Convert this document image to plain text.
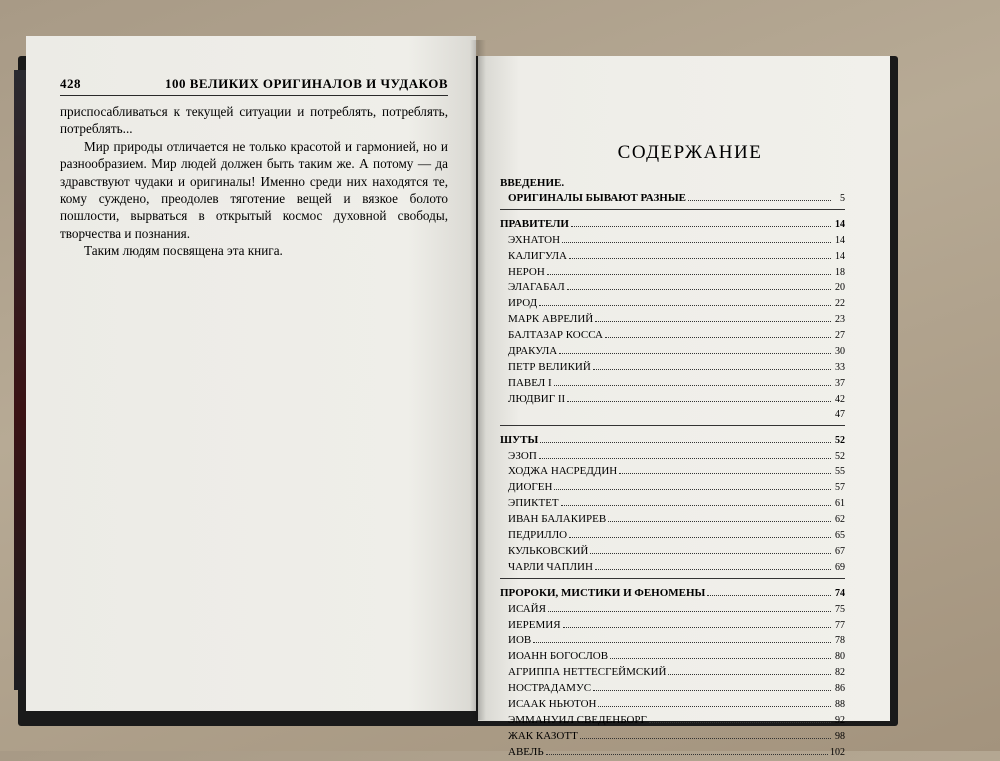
428	100 ВЕЛИКИХ ОРИГИНАЛОВ И ЧУДАКОВ

приспосабливаться к текущей ситуации и потреблять, потреблять, потреблять...

Мир природы отличается не только красотой и гармонией, но и разнообразием. Мир людей должен быть таким же. А потому — да здравствуют чудаки и оригиналы! Именно среди них находятся те, кому суждено, преодолев тяготение вещей и вязкое болото пошлости, вырваться в открытый космос духовной свободы, творчества и познания.

Таким людям посвящена эта книга.

СОДЕРЖАНИЕ
ВВЕДЕНИЕ.
ОРИГИНАЛЫ БЫВАЮТ РАЗНЫЕ	5
ПРАВИТЕЛИ	14
ЭХНАТОН	14
КАЛИГУЛА	14
НЕРОН	18
ЭЛАГАБАЛ	20
ИРОД	22
МАРК АВРЕЛИЙ	23
БАЛТАЗАР КОССА	27
ДРАКУЛА	30
ПЕТР ВЕЛИКИЙ	33
ПАВЕЛ I	37
ЛЮДВИГ II	42
47
ШУТЫ	52
ЭЗОП	52
ХОДЖА НАСРЕДДИН	55
ДИОГЕН	57
ЭПИКТЕТ	61
ИВАН БАЛАКИРЕВ	62
ПЕДРИЛЛО	65
КУЛЬКОВСКИЙ	67
ЧАРЛИ ЧАПЛИН	69
ПРОРОКИ, МИСТИКИ И ФЕНОМЕНЫ	74
ИСАЙЯ	75
ИЕРЕМИЯ	77
ИОВ	78
ИОАНН БОГОСЛОВ	80
АГРИППА НЕТТЕСГЕЙМСКИЙ	82
НОСТРАДАМУС	86
ИСААК НЬЮТОН	88
ЭММАНУИЛ СВЕДЕНБОРГ	92
ЖАК КАЗОТТ	98
АВЕЛЬ	102
